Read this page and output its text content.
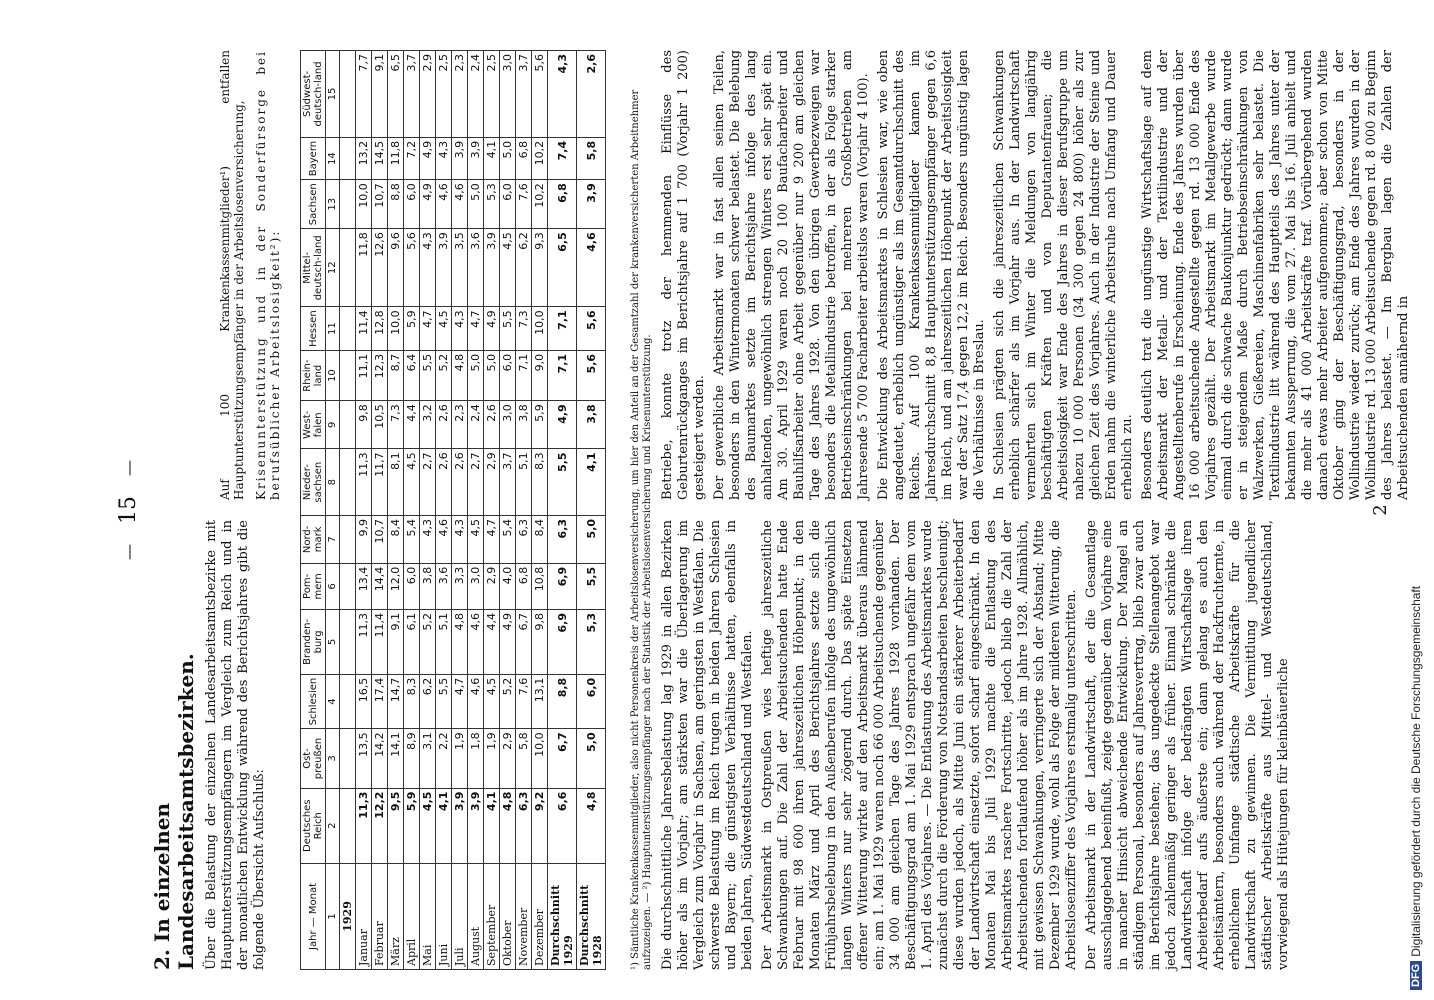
—
15
—
2. In einzelnen Landesarbeitsamtsbezirken. Über die Belastung der einzelnen Landesarbeitsamtsbezirke mit Hauptunterstützungsempfängern im Vergleich zum Reich und in der monatlichen Entwicklung während des Berichtsjahres gibt die folgende Übersicht Aufschluß:

Auf 100 Krankenkassenmitglieder¹) entfallen Hauptunterstützungsempfänger in der Arbeitslosenversicherung, Krisenunterstützung und in der Sonderfürsorge bei berufsüblicher Arbeitslosigkeit²):

Jahr — Monat	Deutsches Reich	Ost-preußen	Schlesien	Branden-burg	Pom-mern	Nord-mark	Nieder-sachsen	West-falen	Rhein-land	Hessen	Mittel-deutsch-land	Sachsen	Bayern	Südwest-deutsch-land
1	2	3	4	5	6	7	8	9	10	11	12	13	14	15
1929														
Januar	11,3	13,5	16,5	11,3	13,4	9,9	11,3	9,8	11,1	11,4	11,8	10,0	13,2	7,7
Februar	12,2	14,2	17,4	11,4	14,4	10,7	11,7	10,5	12,3	12,8	12,6	10,7	14,5	9,1
März	9,5	14,1	14,7	9,1	12,0	8,4	8,1	7,3	8,7	10,0	9,6	8,8	11,8	6,5
April	5,9	8,9	8,3	6,1	6,0	5,4	4,5	4,4	6,4	5,9	5,6	6,0	7,2	3,7
Mai	4,5	3,1	6,2	5,2	3,8	4,3	2,7	3,2	5,5	4,7	4,3	4,9	4,9	2,9
Juni	4,1	2,2	5,5	5,1	3,6	4,6	2,6	2,6	5,2	4,5	3,9	4,6	4,3	2,5
Juli	3,9	1,9	4,7	4,8	3,3	4,3	2,6	2,3	4,8	4,3	3,5	4,6	3,9	2,3
August	3,9	1,8	4,6	4,6	3,0	4,5	2,7	2,4	5,0	4,7	3,6	5,0	3,9	2,4
September	4,1	1,9	4,5	4,4	2,9	4,7	2,9	2,6	5,0	4,9	3,9	5,3	4,1	2,5
Oktober	4,8	2,9	5,2	4,9	4,0	5,4	3,7	3,0	6,0	5,5	4,5	6,0	5,0	3,0
November	6,3	5,8	7,6	6,7	6,8	6,3	5,1	3,8	7,1	7,3	6,2	7,6	6,8	3,7
Dezember	9,2	10,0	13,1	9,8	10,8	8,4	8,3	5,9	9,0	10,0	9,3	10,2	10,2	5,6
Durchschnitt 1929	6,6	6,7	8,8	6,9	6,9	6,3	5,5	4,9	7,1	7,1	6,5	6,8	7,4	4,3
Durchschnitt 1928	4,8	5,0	6,0	5,3	5,5	5,0	4,1	3,8	5,6	5,6	4,6	3,9	5,8	2,6
¹) Sämtliche Krankenkassenmitglieder, also nicht Personenkreis der Arbeitslosenversicherung, um hier den Anteil an der Gesamtzahl der krankenversicherten Arbeitnehmer aufzuzeigen. — ²) Hauptunterstützungsempfänger nach der Statistik der Arbeitslosenversicherung und Krisenunterstützung. Die durchschnittliche Jahresbelastung lag 1929 in allen Bezirken höher als im Vorjahr; am stärksten war die Überlagerung im Vergleich zum Vorjahr in Sachsen, am geringsten in Westfalen. Die schwerste Belastung im Reich trugen in beiden Jahren Schlesien und Bayern; die günstigsten Verhältnisse hatten, ebenfalls in beiden Jahren, Südwestdeutschland und Westfalen. Der Arbeitsmarkt in Ostpreußen wies heftige jahreszeitliche Schwankungen auf. Die Zahl der Arbeitsuchenden hatte Ende Februar mit 98 600 ihren jahreszeitlichen Höhepunkt; in den Monaten März und April des Berichtsjahres setzte sich die Frühjahrsbelebung in den Außenberufen infolge des ungewöhnlich langen Winters nur sehr zögernd durch. Das späte Einsetzen offener Witterung wirkte auf den Arbeitsmarkt überaus lähmend ein; am 1. Mai 1929 waren noch 66 000 Arbeitsuchende gegenüber 34 000 am gleichen Tage des Jahres 1928 vorhanden. Der Beschäftigungsgrad am 1. Mai 1929 entsprach ungefähr dem vom 1. April des Vorjahres. — Die Entlastung des Arbeitsmarktes wurde zunächst durch die Förderung von Notstandsarbeiten beschleunigt; diese wurden jedoch, als Mitte Juni ein stärkerer Arbeiterbedarf der Landwirtschaft einsetzte, sofort scharf eingeschränkt. In den Monaten Mai bis Juli 1929 machte die Entlastung des Arbeitsmarktes raschere Fortschritte, jedoch blieb die Zahl der Arbeitsuchenden fortlaufend höher als im Jahre 1928. Allmählich, mit gewissen Schwankungen, verringerte sich der Abstand; Mitte Dezember 1929 wurde, wohl als Folge der milderen Witterung, die Arbeitslosenziffer des Vorjahres erstmalig unterschritten. Der Arbeitsmarkt in der Landwirtschaft, der die Gesamtlage ausschlaggebend beeinflußt, zeigte gegenüber dem Vorjahre eine in mancher Hinsicht abweichende Entwicklung. Der Mangel an ständigem Personal, besonders auf Jahresvertrag, blieb zwar auch im Berichtsjahre bestehen; das ungedeckte Stellenangebot war jedoch zahlenmäßig geringer als früher. Einmal schränkte die Landwirtschaft infolge der bedrängten Wirtschaftslage ihren Arbeiterbedarf aufs äußerste ein; dann gelang es auch den Arbeitsämtern, besonders auch während der Hackfruchternte, in erheblichem Umfange städtische Arbeitskräfte für die Landwirtschaft zu gewinnen. Die Vermittlung jugendlicher städtischer Arbeitskräfte aus Mittel- und Westdeutschland, vorwiegend als Hütejungen für kleinbäuerliche

Betriebe, konnte trotz der hemmenden Einflüsse des Geburtenrückganges im Berichtsjahre auf 1 700 (Vorjahr 1 200) gesteigert werden. Der gewerbliche Arbeitsmarkt war in fast allen seinen Teilen, besonders in den Wintermonaten schwer belastet. Die Belebung des Baumarktes setzte im Berichtsjahre infolge des lang anhaltenden, ungewöhnlich strengen Winters erst sehr spät ein. Am 30. April 1929 waren noch 20 100 Baufacharbeiter und Bauhilfsarbeiter ohne Arbeit gegenüber nur 9 200 am gleichen Tage des Jahres 1928. Von den übrigen Gewerbezweigen war besonders die Metallindustrie betroffen, in der als Folge starker Betriebseinschränkungen bei mehreren Großbetrieben am Jahresende 5 700 Facharbeiter arbeitslos waren (Vorjahr 4 100). Die Entwicklung des Arbeitsmarktes in Schlesien war, wie oben angedeutet, erheblich ungünstiger als im Gesamtdurchschnitt des Reichs. Auf 100 Krankenkassenmitglieder kamen im Jahresdurchschnitt 8,8 Hauptunterstützungsempfänger gegen 6,6 im Reich, und am jahreszeitlichen Höhepunkt der Arbeitslosigkeit war der Satz 17,4 gegen 12,2 im Reich. Besonders ungünstig lagen die Verhältnisse in Breslau. In Schlesien prägten sich die jahreszeitlichen Schwankungen erheblich schärfer als im Vorjahr aus. In der Landwirtschaft vermehrten sich im Winter die Meldungen von langjährig beschäftigten Kräften und von Deputantenfrauen; die Arbeitslosigkeit war Ende des Jahres in dieser Berufsgruppe um nahezu 10 000 Personen (34 300 gegen 24 800) höher als zur gleichen Zeit des Vorjahres. Auch in der Industrie der Steine und Erden nahm die winterliche Arbeitsruhe nach Umfang und Dauer erheblich zu. Besonders deutlich trat die ungünstige Wirtschaftslage auf dem Arbeitsmarkt der Metall- und der Textilindustrie und der Angestelltenberufe in Erscheinung. Ende des Jahres wurden über 16 000 arbeitsuchende Angestellte gegen rd. 13 000 Ende des Vorjahres gezählt. Der Arbeitsmarkt im Metallgewerbe wurde einmal durch die schwache Baukonjunktur gedrückt; dann wurde er in steigendem Maße durch Betriebseinschränkungen von Walzwerken, Gießereien, Maschinenfabriken sehr belastet. Die Textilindustrie litt während des Hauptteils des Jahres unter der bekannten Aussperrung, die vom 27. Mai bis 16. Juli anhielt und die mehr als 41 000 Arbeitskräfte traf. Vorübergehend wurden danach etwas mehr Arbeiter aufgenommen; aber schon von Mitte Oktober ging der Beschäftigungsgrad, besonders in der Wollindustrie wieder zurück; am Ende des Jahres wurden in der Wollindustrie rd. 13 000 Arbeitsuchende gegen rd. 8 000 zu Beginn des Jahres belastet. — Im Bergbau lagen die Zahlen der Arbeitsuchenden annähernd in

2
DFG
Digitalisierung gefördert durch die Deutsche Forschungsgemeinschaft
